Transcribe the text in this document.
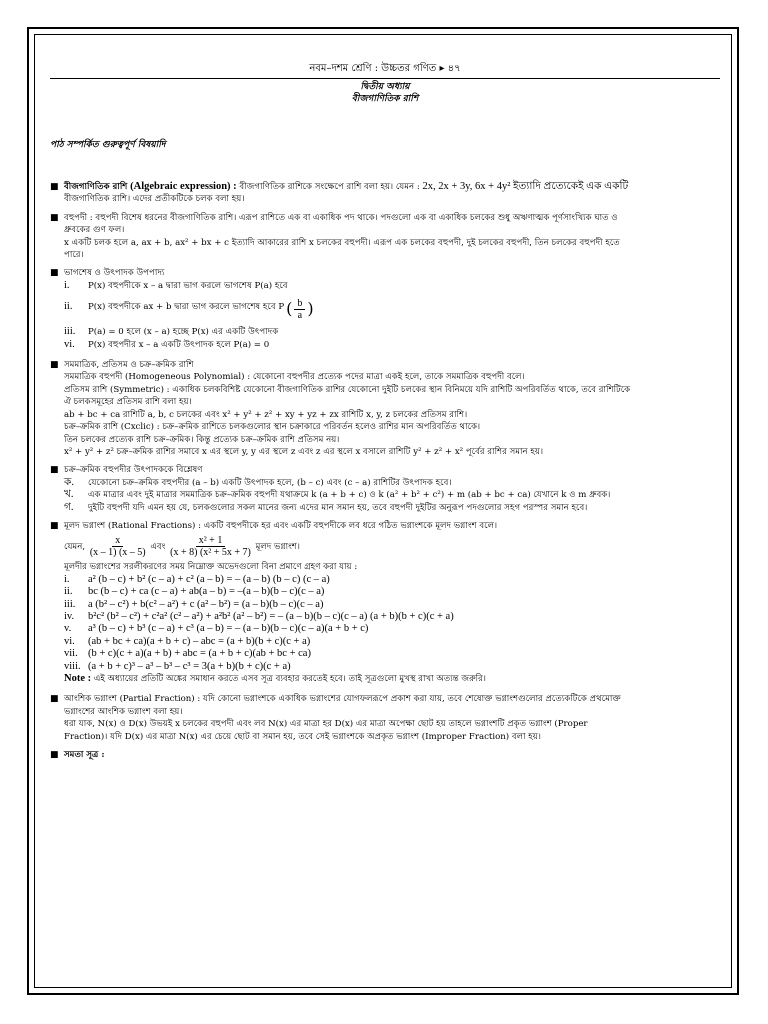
নবম–দশম শ্রেণি : উচ্চতর গণিত ▸ ৪৭
দ্বিতীয় অধ্যায়
বীজগাণিতিক রাশি
পাঠ সম্পর্কিত গুরুত্বপূর্ণ বিষয়াদি
■ বীজগাণিতিক রাশি (Algebraic expression) : বীজগাণিতিক রাশিকে সংক্ষেপে রাশি বলা হয়। যেমন : 2x, 2x + 3y, 6x + 4y² ইত্যাদি প্রত্যেকেই এক একটি
বীজগাণিতিক রাশি। এদের প্রতীকটিকে চলক বলা হয়।
■ বহুপদী : বহুপদী বিশেষ ধরনের বীজগাণিতিক রাশি। এরূপ রাশিতে এক বা একাধিক পদ থাকে। পদগুলো এক বা একাধিক চলকের শুধু অঋণাত্মক পূর্ণসাংখ্যিক ঘাত ও
ধ্রুবকের গুণ ফল।
x একটি চলক হলে a, ax + b, ax² + bx + c ইত্যাদি আকারের রাশি x চলকের বহুপদী। এরূপ এক চলকের বহুপদী, দুই চলকের বহুপদী, তিন চলকের বহুপদী হতে
পারে।
■ ভাগশেষ ও উৎপাদক উপপাদ্য
i.	P(x) বহুপদীকে x – a দ্বারা ভাগ করলে ভাগশেষ P(a) হবে
ii.	P(x) বহুপদীকে ax + b দ্বারা ভাগ করলে ভাগশেষ হবে P ( $\frac{b}{a}$ )
iii.	P(a) = 0 হলে (x – a) হচ্ছে P(x) এর একটি উৎপাদক
vi.	P(x) বহুপদীর x – a একটি উৎপাদক হলে P(a) = 0
■ সমমাত্রিক, প্রতিসম ও চক্র–ক্রমিক রাশি
সমমাত্রিক বহুপদী (Homogeneous Polynomial) : যেকোনো বহুপদীর প্রত্যেক পদের মাত্রা একই হলে, তাকে সমমাত্রিক বহুপদী বলে।
প্রতিসম রাশি (Symmetric) : একাধিক চলকবিশিষ্ট যেকোনো বীজগাণিতিক রাশির যেকোনো দুইটি চলকের স্থান বিনিময়ে যদি রাশিটি অপরিবর্তিত থাকে, তবে রাশিটিকে
ঐ চলকসমূহের প্রতিসম রাশি বলা হয়।
ab + bc + ca রাশিটি a, b, c চলকের এবং x² + y² + z² + xy + yz + zx রাশিটি x, y, z চলকের প্রতিসম রাশি।
চক্র–ক্রমিক রাশি (Cxclic) : চক্র–ক্রমিক রাশিতে চলকগুলোর স্থান চক্রাকারে পরিবর্তন হলেও রাশির মান অপরিবর্তিত থাকে।
তিন চলকের প্রত্যেক রাশি চক্র–ক্রমিক। কিন্তু প্রত্যেক চক্র–ক্রমিক রাশি প্রতিসম নয়।
x² + y² + z² চক্র–ক্রমিক রাশির সমাবে x এর স্থলে y, y এর স্থলে z এবং z এর স্থলে x বসালে রাশিটি y² + z² + x² পূর্বের রাশির সমান হয়।
■ চক্র–ক্রমিক বহুপদীর উৎপাদককে বিশ্লেষণ
ক.	যেকোনো চক্র–ক্রমিক বহুপদীর (a – b) একটি উৎপাদক হলে, (b – c) এবং (c – a) রাশিটির উৎপাদক হবে।
খ.	এক মাত্রার এবং দুই মাত্রার সমমাত্রিক চক্র–ক্রমিক বহুপদী যথাক্রমে k (a + b + c) ও k (a² + b² + c²) + m (ab + bc + ca) যেখানে k ও m ধ্রুবক।
গ.	দুইটি বহুপদী যদি এমন হয় যে, চলকগুলোর সকল মানের জন্য এদের মান সমান হয়, তবে বহুপদী দুইটির অনুরূপ পদগুলোর সহগ পরস্পর সমান হবে।
■ মূলদ ভগ্নাংশ (Rational Fractions) : একটি বহুপদীকে হর এবং একটি বহুপদীকে লব ধরে গঠিত ভগ্নাংশকে মূলদ ভগ্নাংশ বলে।
যেমন, $\frac{x}{(x - 1) (x - 5)}$ এবং $\frac{\text{x² + 1}}{\text{(x + 8) (x² + 5x + 7)}}$ মূলদ ভগ্নাংশ।
মূলদীর ভগ্নাংশের সরলীকরণের সময় নিম্নোক্ত অভেদগুলো বিনা প্রমাণে গ্রহণ করা যায় :
i.	a² (b – c) + b² (c – a) + c² (a – b) = – (a – b) (b – c) (c – a)
ii.	bc (b – c) + ca (c – a) + ab(a – b) = –(a – b)(b – c)(c – a)
iii.	a (b² – c²) + b(c² – a²) + c (a² – b²) = (a – b)(b – c)(c – a)
iv.	b²c² (b² – c²) + c²a² (c² – a²) + a²b² (a² – b²) = – (a – b)(b – c)(c – a) (a + b)(b + c)(c + a)
v.	a³ (b – c) + b³ (c – a) + c³ (a – b) = – (a – b)(b – c)(c – a)(a + b + c)
vi.	(ab + bc + ca)(a + b + c) – abc = (a + b)(b + c)(c + a)
vii. (b + c)(c + a)(a + b) + abc = (a + b + c)(ab + bc + ca)
viii. (a + b + c)³ – a³ – b³ – c³ = 3(a + b)(b + c)(c + a)
Note : এই অধ্যায়ের প্রতিটি অঙ্কের সমাধান করতে এসব সূত্র ব্যবহার করতেই হবে। তাই সূত্রগুলো মুখস্থ রাখা অত্যন্ত জরুরি।
■ আংশিক ভগ্নাংশ (Partial Fraction) : যদি কোনো ভগ্নাংশকে একাধিক ভগ্নাংশের যোগফলরূপে প্রকাশ করা যায়, তবে শেষোক্ত ভগ্নাংশগুলোর প্রত্যেকটিকে প্রথমোক্ত
ভগ্নাংশের আংশিক ভগ্নাংশ বলা হয়।
ধরা যাক, N(x) ও D(x) উভয়ই x চলকের বহুপদী এবং লব N(x) এর মাত্রা হর D(x) এর মাত্রা অপেক্ষা ছোট হয় তাহলে ভগ্নাংশটি প্রকৃত ভগ্নাংশ (Proper
Fraction)। যদি D(x) এর মাত্রা N(x) এর চেয়ে ছোট বা সমান হয়, তবে সেই ভগ্নাংশকে অপ্রকৃত ভগ্নাংশ (Improper Fraction) বলা হয়।
■ সমতা সূত্র :
